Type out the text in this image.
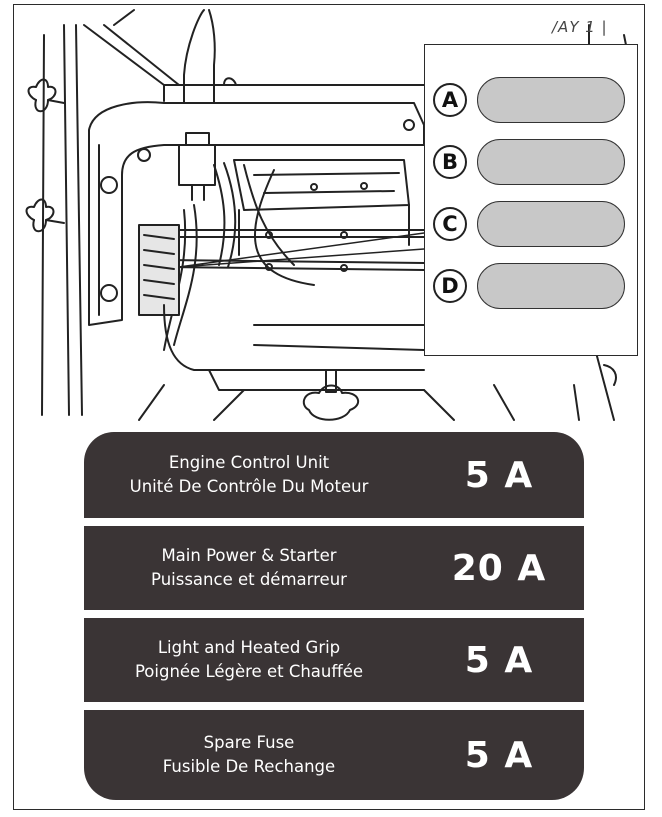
/AY 1 |
A
B
C
D
Engine Control Unit
Unité De Contrôle Du Moteur	5 A
Main Power & Starter
Puissance et démarreur	20 A
Light and Heated Grip
Poignée Légère et Chauffée	5 A
Spare Fuse
Fusible De Rechange	5 A
